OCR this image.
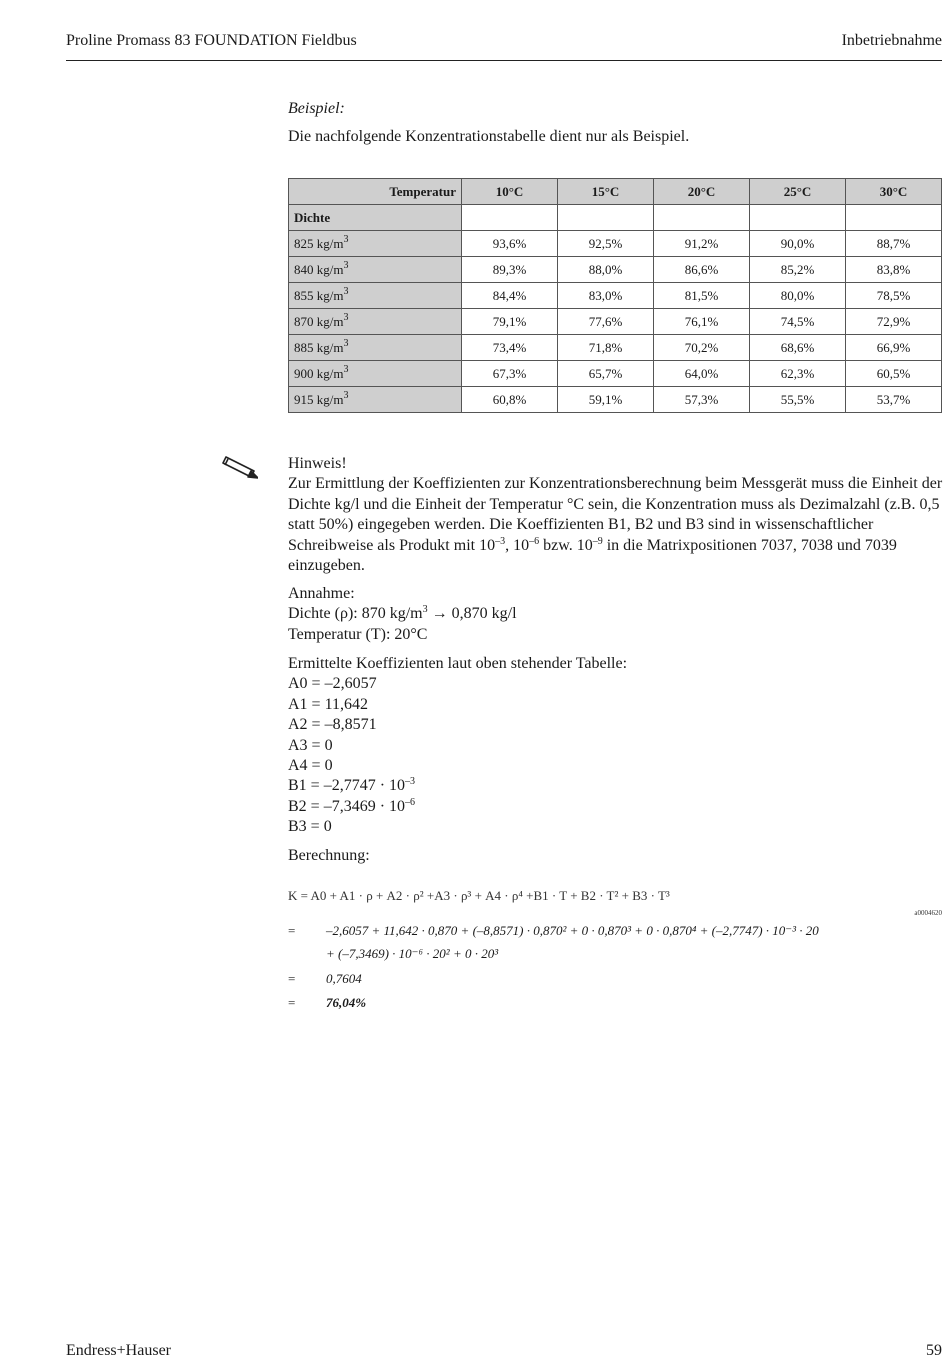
Proline Promass 83 FOUNDATION Fieldbus	Inbetriebnahme
Beispiel:
Die nachfolgende Konzentrationstabelle dient nur als Beispiel.
Temperatur	10°C	15°C	20°C	25°C	30°C
Dichte					
825 $kg/m^3$	93,6%	92,5%	91,2%	90,0%	88,7%
840 $kg/m^3$	89,3%	88,0%	86,6%	85,2%	83,8%
855 $kg/m^3$	84,4%	83,0%	81,5%	80,0%	78,5%
870 $kg/m^3$	79,1%	77,6%	76,1%	74,5%	72,9%
885 $kg/m^3$	73,4%	71,8%	70,2%	68,6%	66,9%
900 $kg/m^3$	67,3%	65,7%	64,0%	62,3%	60,5%
915 $kg/m^3$	60,8%	59,1%	57,3%	55,5%	53,7%

Hinweis!

Zur Ermittlung der Koeffizienten zur Konzentrationsberechnung beim Messgerät muss die Einheit der Dichte kg/l und die Einheit der Temperatur °C sein, die Konzentration muss als Dezimalzahl (z.B. 0,5 statt 50%) eingegeben werden. Die Koeffizienten B1, B2 und B3 sind in wissenschaftlicher Schreibweise als Produkt mit $10^{-3}$, $10^{-6}$ bzw. $10^{-9}$ in die Matrixpositionen 7037, 7038 und 7039 einzugeben.

Annahme:

Dichte (ρ): 870 $kg/m^3 \to 0,870$ kg/l

Temperatur (T): 20°C

Ermittelte Koeffizienten laut oben stehender Tabelle:

A0 = –2,6057

A1 = 11,642

A2 = –8,8571

A3 = 0

A4 = 0

$B1 = -2,7747 \cdot 10^{-3}$

$B2 = -7,3469 \cdot 10^{-6}$

B3 = 0

Berechnung:
K = A0 + A1 · ρ + A2 · ρ² +A3 · ρ³ + A4 · ρ⁴ +B1 · T + B2 · T² + B3 · T³
a0004620
= –2,6057 + 11,642 · 0,870 + (–8,8571) · 0,870² + 0 · 0,870³ + 0 · 0,870⁴ + (–2,7747) · 10⁻³ · 20
+ (–7,3469) · 10⁻⁶ · 20² + 0 · 20³
= 0,7604
= 76,04%
Endress+Hauser	59
